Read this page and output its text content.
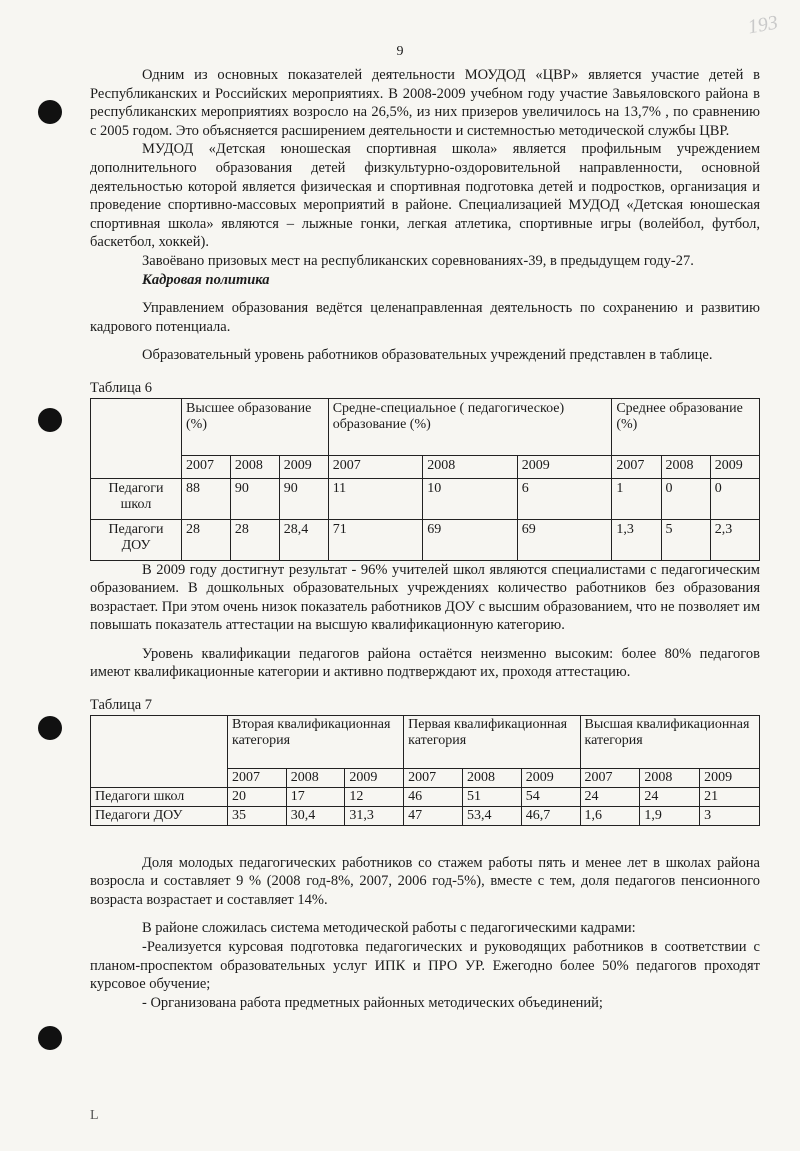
193
9

Одним из основных показателей деятельности МОУДОД «ЦВР» является участие детей в Республиканских и Российских мероприятиях. В 2008-2009 учебном году участие Завьяловского района в республиканских мероприятиях возросло на 26,5%, из них призеров увеличилось на 13,7% , по сравнению с 2005 годом. Это объясняется расширением деятельности и системностью методической службы ЦВР.

МУДОД «Детская юношеская спортивная школа» является профильным учреждением дополнительного образования детей физкультурно-оздоровительной направленности, основной деятельностью которой является физическая и спортивная подготовка детей и подростков, организация и проведение спортивно-массовых мероприятий в районе. Специализацией МУДОД «Детская юношеская спортивная школа» являются – лыжные гонки, легкая атлетика, спортивные игры (волейбол, футбол, баскетбол, хоккей).

Завоёвано призовых мест на республиканских соревнованиях-39, в предыдущем году-27.

Кадровая политика

Управлением образования ведётся целенаправленная деятельность по сохранению и развитию кадрового потенциала.

Образовательный уровень работников образовательных учреждений представлен в таблице.

Таблица 6
	Высшее образование (%)			Средне-специальное ( педагогическое) образование (%)			Среднее образование (%)		
	2007	2008	2009	2007	2008	2009	2007	2008	2009
Педагоги школ	88	90	90	11	10	6	1	0	0
Педагоги ДОУ	28	28	28,4	71	69	69	1,3	5	2,3

В 2009 году достигнут результат - 96% учителей школ являются специалистами с педагогическим образованием. В дошкольных образовательных учреждениях количество работников без образования возрастает. При этом очень низок показатель работников ДОУ с высшим образованием, что не позволяет им повышать показатель аттестации на высшую квалификационную категорию.

Уровень квалификации педагогов района остаётся неизменно высоким: более 80% педагогов имеют квалификационные категории и активно подтверждают их, проходя аттестацию.

Таблица 7
	Вторая квалификационная категория			Первая квалификационная категория			Высшая квалификационная категория		
	2007	2008	2009	2007	2008	2009	2007	2008	2009
Педагоги школ	20	17	12	46	51	54	24	24	21
Педагоги ДОУ	35	30,4	31,3	47	53,4	46,7	1,6	1,9	3

Доля молодых педагогических работников со стажем работы пять и менее лет в школах района возросла и составляет 9 % (2008 год-8%, 2007, 2006 год-5%), вместе с тем, доля педагогов пенсионного возраста возрастает и составляет 14%.

В районе сложилась система методической работы с педагогическими кадрами:

-Реализуется курсовая подготовка педагогических и руководящих работников в соответствии с планом-проспектом образовательных услуг ИПК и ПРО УР. Ежегодно более 50% педагогов проходят курсовое обучение;

- Организована работа предметных районных методических объединений;

L
